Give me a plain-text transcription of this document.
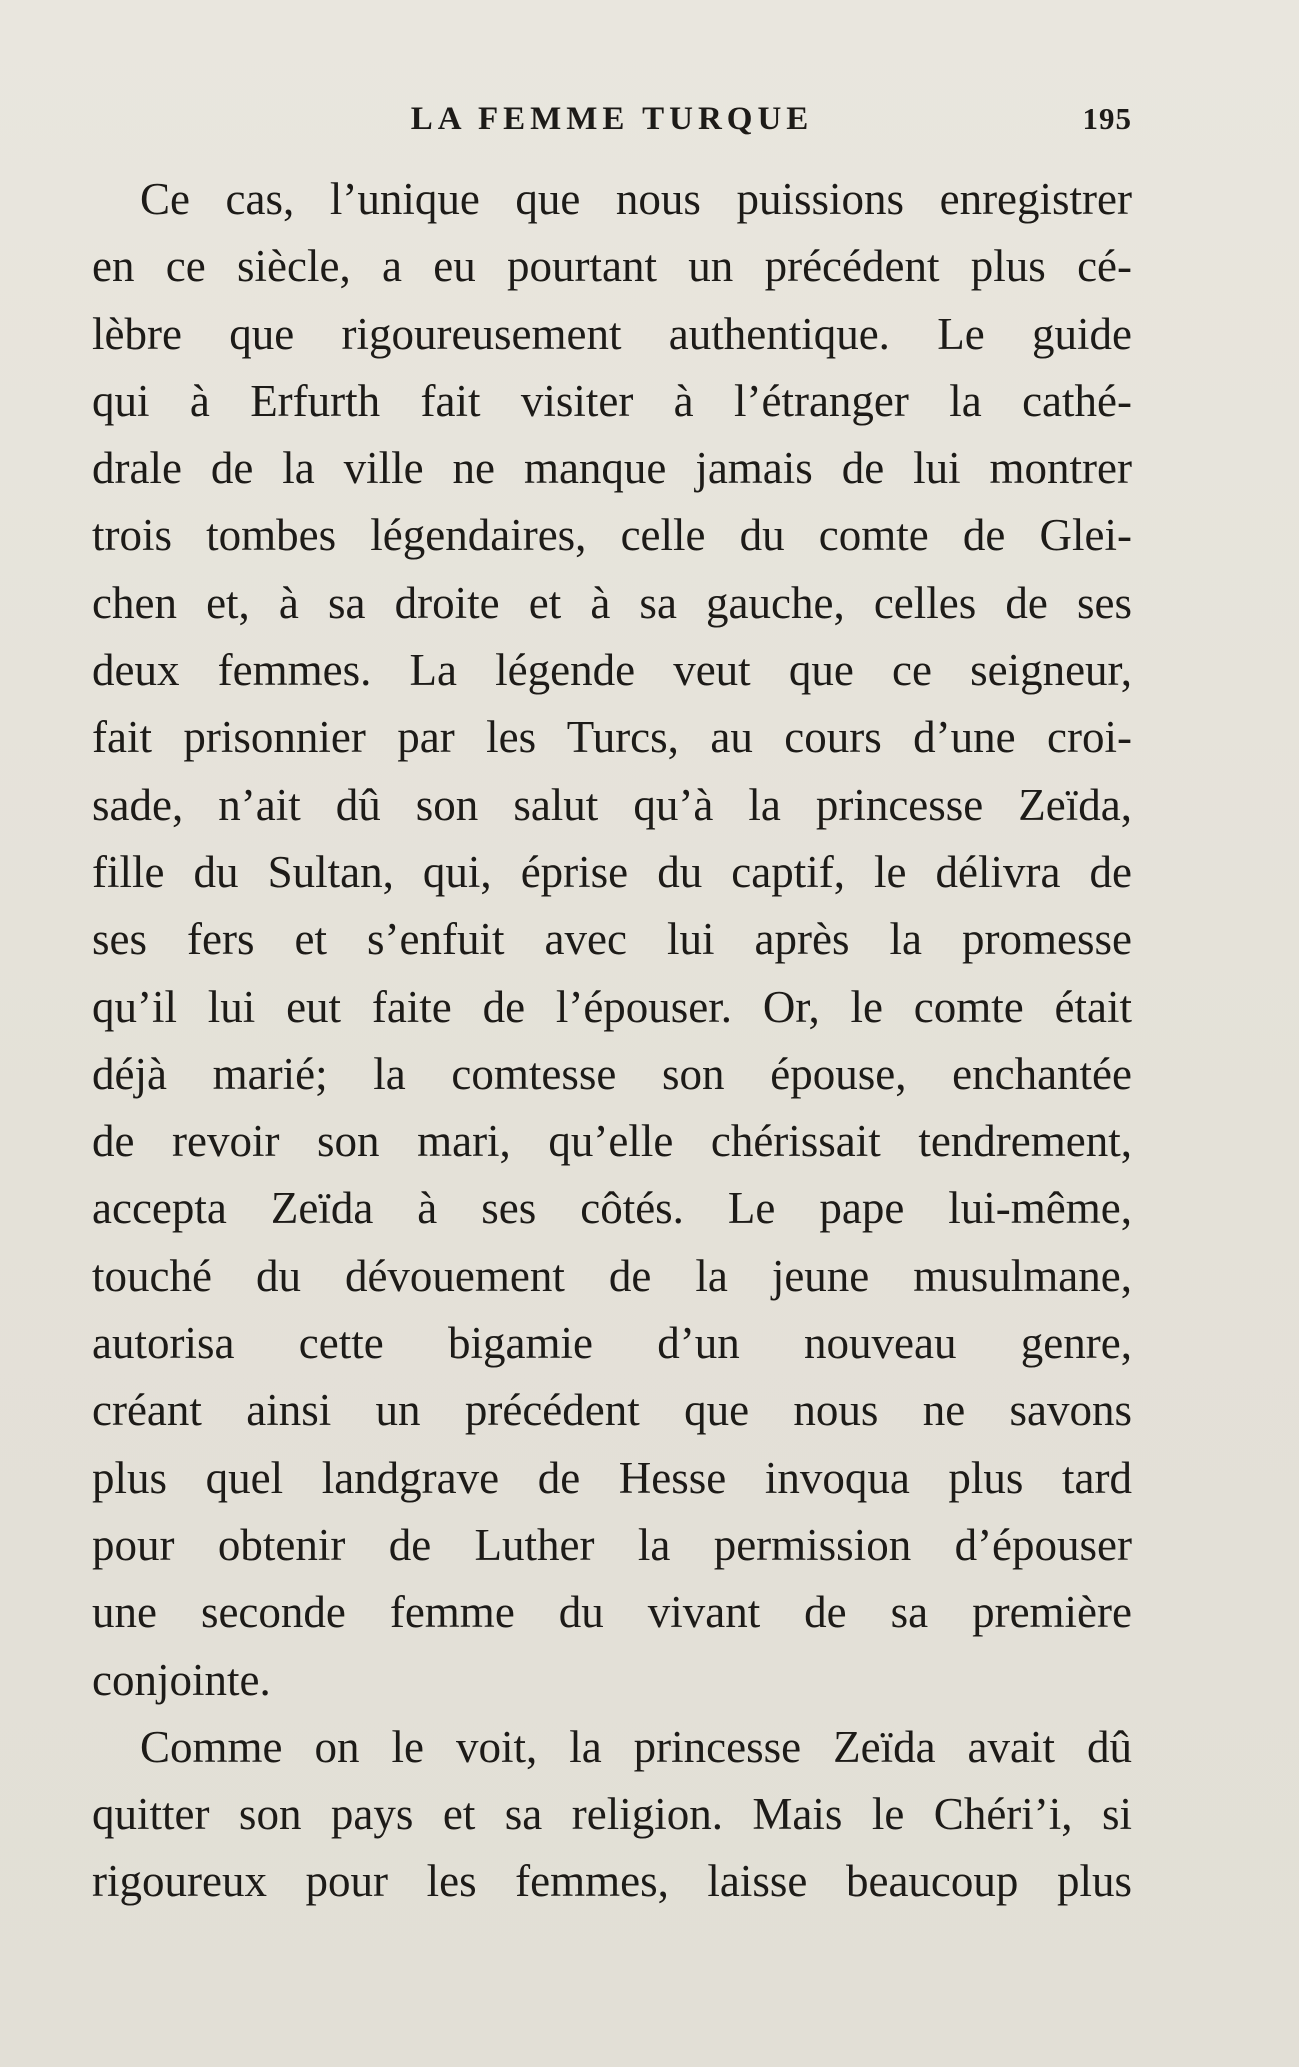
LA FEMME TURQUE	195

Ce cas, l’unique que nous puissions enregistrer
en ce siècle, a eu pourtant un précédent plus cé-
lèbre que rigoureusement authentique. Le guide
qui à Erfurth fait visiter à l’étranger la cathé-
drale de la ville ne manque jamais de lui montrer
trois tombes légendaires, celle du comte de Glei-
chen et, à sa droite et à sa gauche, celles de ses
deux femmes. La légende veut que ce seigneur,
fait prisonnier par les Turcs, au cours d’une croi-
sade, n’ait dû son salut qu’à la princesse Zeïda,
fille du Sultan, qui, éprise du captif, le délivra de
ses fers et s’enfuit avec lui après la promesse
qu’il lui eut faite de l’épouser. Or, le comte était
déjà marié; la comtesse son épouse, enchantée
de revoir son mari, qu’elle chérissait tendrement,
accepta Zeïda à ses côtés. Le pape lui-même,
touché du dévouement de la jeune musulmane,
autorisa cette bigamie d’un nouveau genre,
créant ainsi un précédent que nous ne savons
plus quel landgrave de Hesse invoqua plus tard
pour obtenir de Luther la permission d’épouser
une seconde femme du vivant de sa première
conjointe.

Comme on le voit, la princesse Zeïda avait dû
quitter son pays et sa religion. Mais le Chéri’i, si
rigoureux pour les femmes, laisse beaucoup plus
